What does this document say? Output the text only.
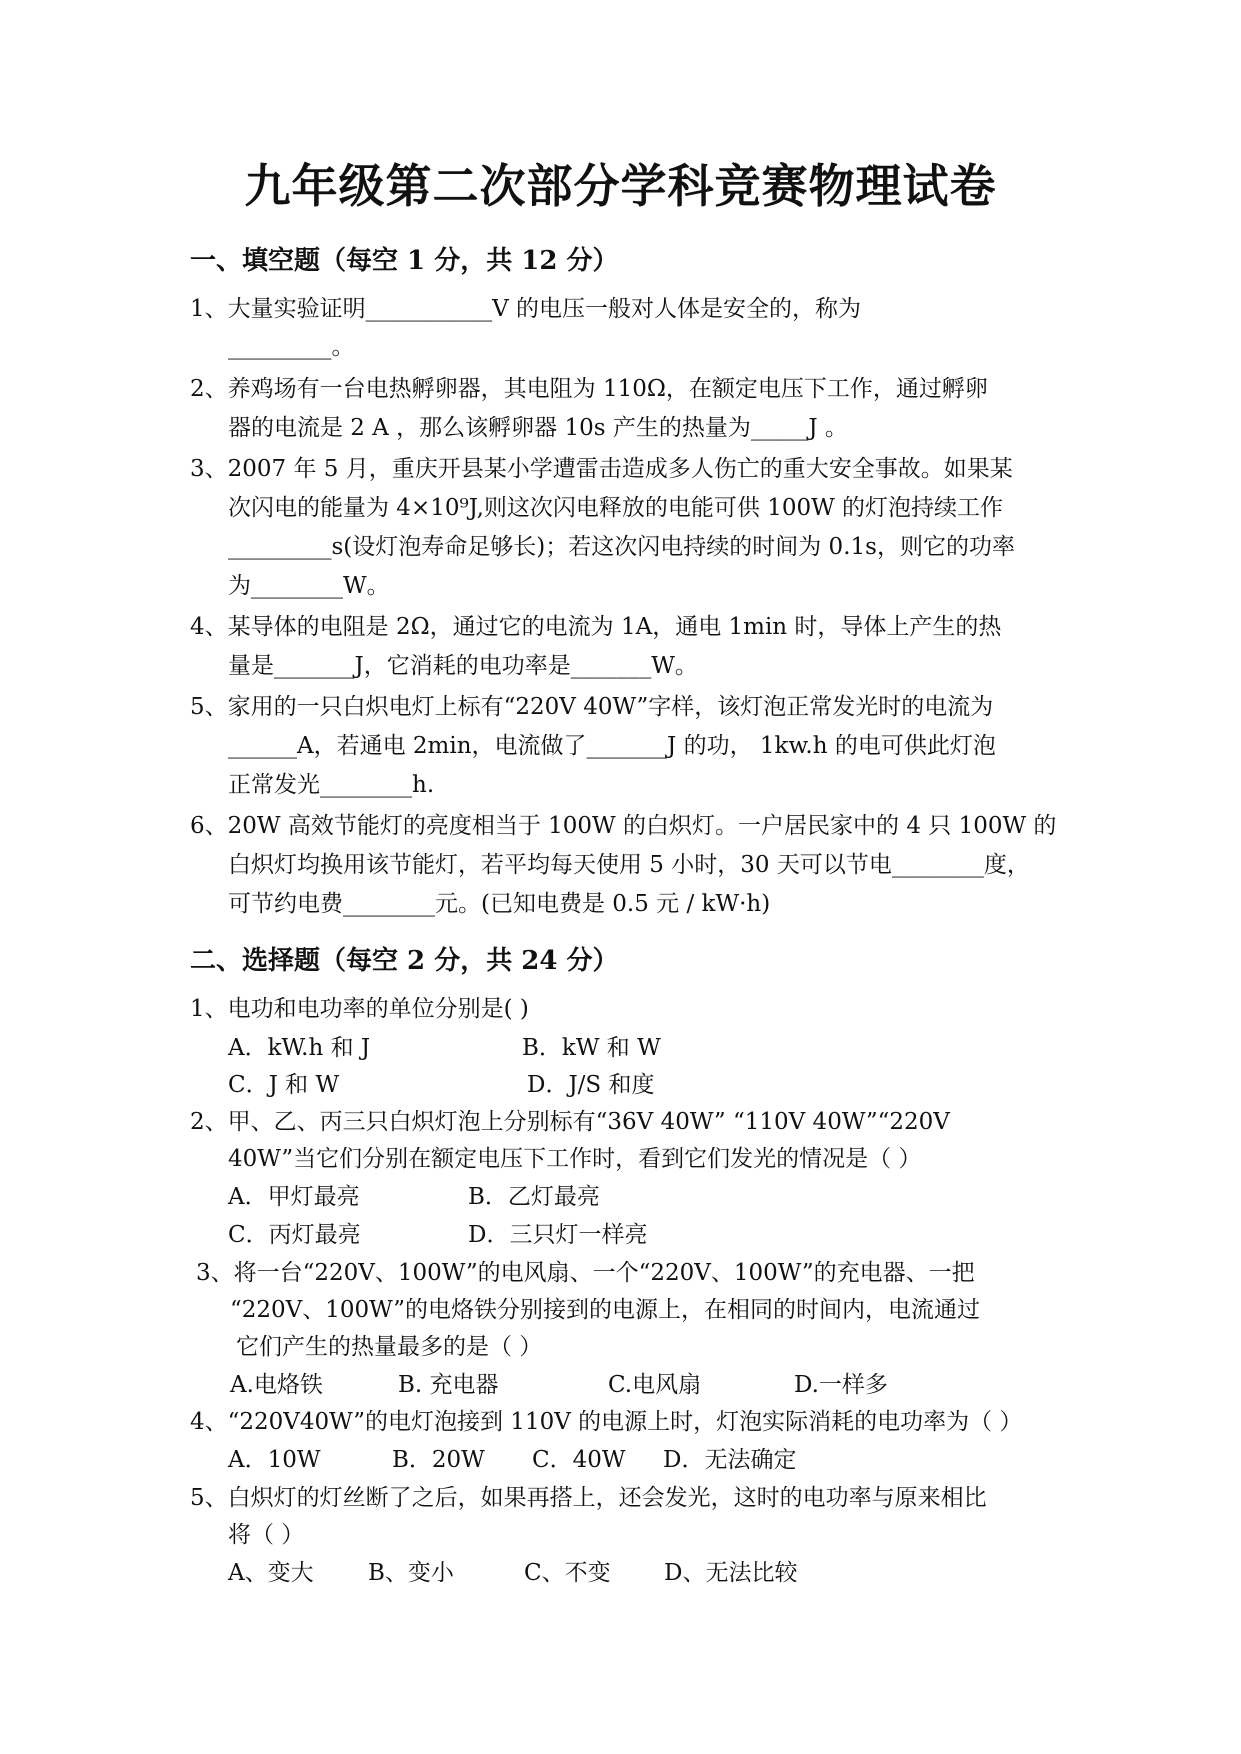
九年级第二次部分学科竞赛物理试卷
一、填空题（每空 1 分，共 12 分）
1、大量实验证明___________V 的电压一般对人体是安全的，称为
_________。
2、养鸡场有一台电热孵卵器，其电阻为 110Ω，在额定电压下工作，通过孵卵
器的电流是 2 A ，那么该孵卵器 10s 产生的热量为_____J 。
3、2007 年 5 月，重庆开县某小学遭雷击造成多人伤亡的重大安全事故。如果某
次闪电的能量为 4×10⁹J,则这次闪电释放的电能可供 100W 的灯泡持续工作
_________s(设灯泡寿命足够长)；若这次闪电持续的时间为 0.1s，则它的功率
为________W。
4、某导体的电阻是 2Ω，通过它的电流为 1A，通电 1min 时，导体上产生的热
量是_______J，它消耗的电功率是_______W。
5、家用的一只白炽电灯上标有“220V 40W”字样，该灯泡正常发光时的电流为
______A，若通电 2min，电流做了_______J 的功， 1kw.h 的电可供此灯泡
正常发光________h.
6、20W 高效节能灯的亮度相当于 100W 的白炽灯。一户居民家中的 4 只 100W 的
白炽灯均换用该节能灯，若平均每天使用 5 小时，30 天可以节电________度，
可节约电费________元。(已知电费是 0.5 元 / kW·h)
二、选择题（每空 2 分，共 24 分）
1、电功和电功率的单位分别是( )
A．kW.h 和 J	B．kW 和 W
C．J 和 W	D．J/S 和度
2、甲、乙、丙三只白炽灯泡上分别标有“36V 40W” “110V 40W”“220V
40W”当它们分别在额定电压下工作时，看到它们发光的情况是（ ）
A．甲灯最亮	B．乙灯最亮
C．丙灯最亮	D．三只灯一样亮
3、将一台“220V、100W”的电风扇、一个“220V、100W”的充电器、一把
“220V、100W”的电烙铁分别接到的电源上，在相同的时间内，电流通过
它们产生的热量最多的是（ ）
A.电烙铁	B. 充电器	C.电风扇	D.一样多
4、“220V40W”的电灯泡接到 110V 的电源上时，灯泡实际消耗的电功率为（ ）
A．10W	B．20W C．40W D．无法确定
5、白炽灯的灯丝断了之后，如果再搭上，还会发光，这时的电功率与原来相比
将（ ）
A、变大 B、变小	C、不变 D、无法比较
